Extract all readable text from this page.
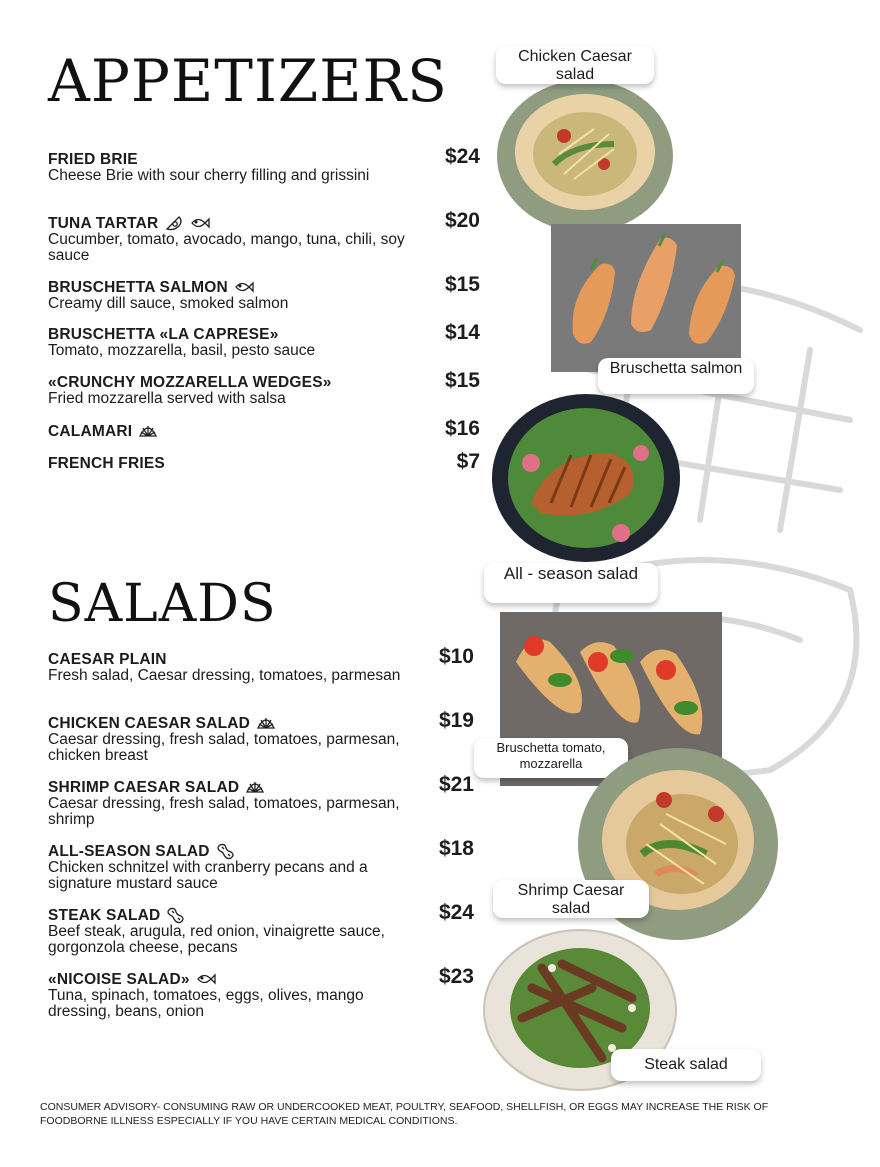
APPETIZERS
FRIED BRIE
Cheese Brie with sour cherry filling and grissini
$24
TUNA TARTAR
Cucumber, tomato, avocado, mango, tuna, chili, soy sauce
$20
BRUSCHETTA SALMON
Creamy dill sauce, smoked salmon
$15
BRUSCHETTA «LA CAPRESE»
Tomato, mozzarella, basil, pesto sauce
$14
«CRUNCHY MOZZARELLA WEDGES»
Fried mozzarella served with salsa
$15
CALAMARI	$16
FRENCH FRIES	$7
SALADS
CAESAR PLAIN
Fresh salad, Caesar dressing, tomatoes, parmesan
$10
CHICKEN CAESAR SALAD
Caesar dressing, fresh salad, tomatoes, parmesan, chicken breast
$19
SHRIMP CAESAR SALAD
Caesar dressing, fresh salad, tomatoes, parmesan, shrimp
$21
ALL-SEASON SALAD
Chicken schnitzel with cranberry pecans and a signature mustard sauce
$18
STEAK SALAD
Beef steak, arugula, red onion, vinaigrette sauce, gorgonzola cheese, pecans
$24
«NICOISE SALAD»
Tuna, spinach, tomatoes, eggs, olives, mango dressing, beans, onion
$23
Chicken Caesar salad
Bruschetta salmon
All - season salad
Bruschetta tomato, mozzarella
Shrimp Caesar salad
Steak salad
CONSUMER ADVISORY- CONSUMING RAW OR UNDERCOOKED MEAT, POULTRY, SEAFOOD, SHELLFISH, OR EGGS MAY INCREASE THE RISK OF FOODBORNE ILLNESS ESPECIALLY IF YOU HAVE CERTAIN MEDICAL CONDITIONS.
